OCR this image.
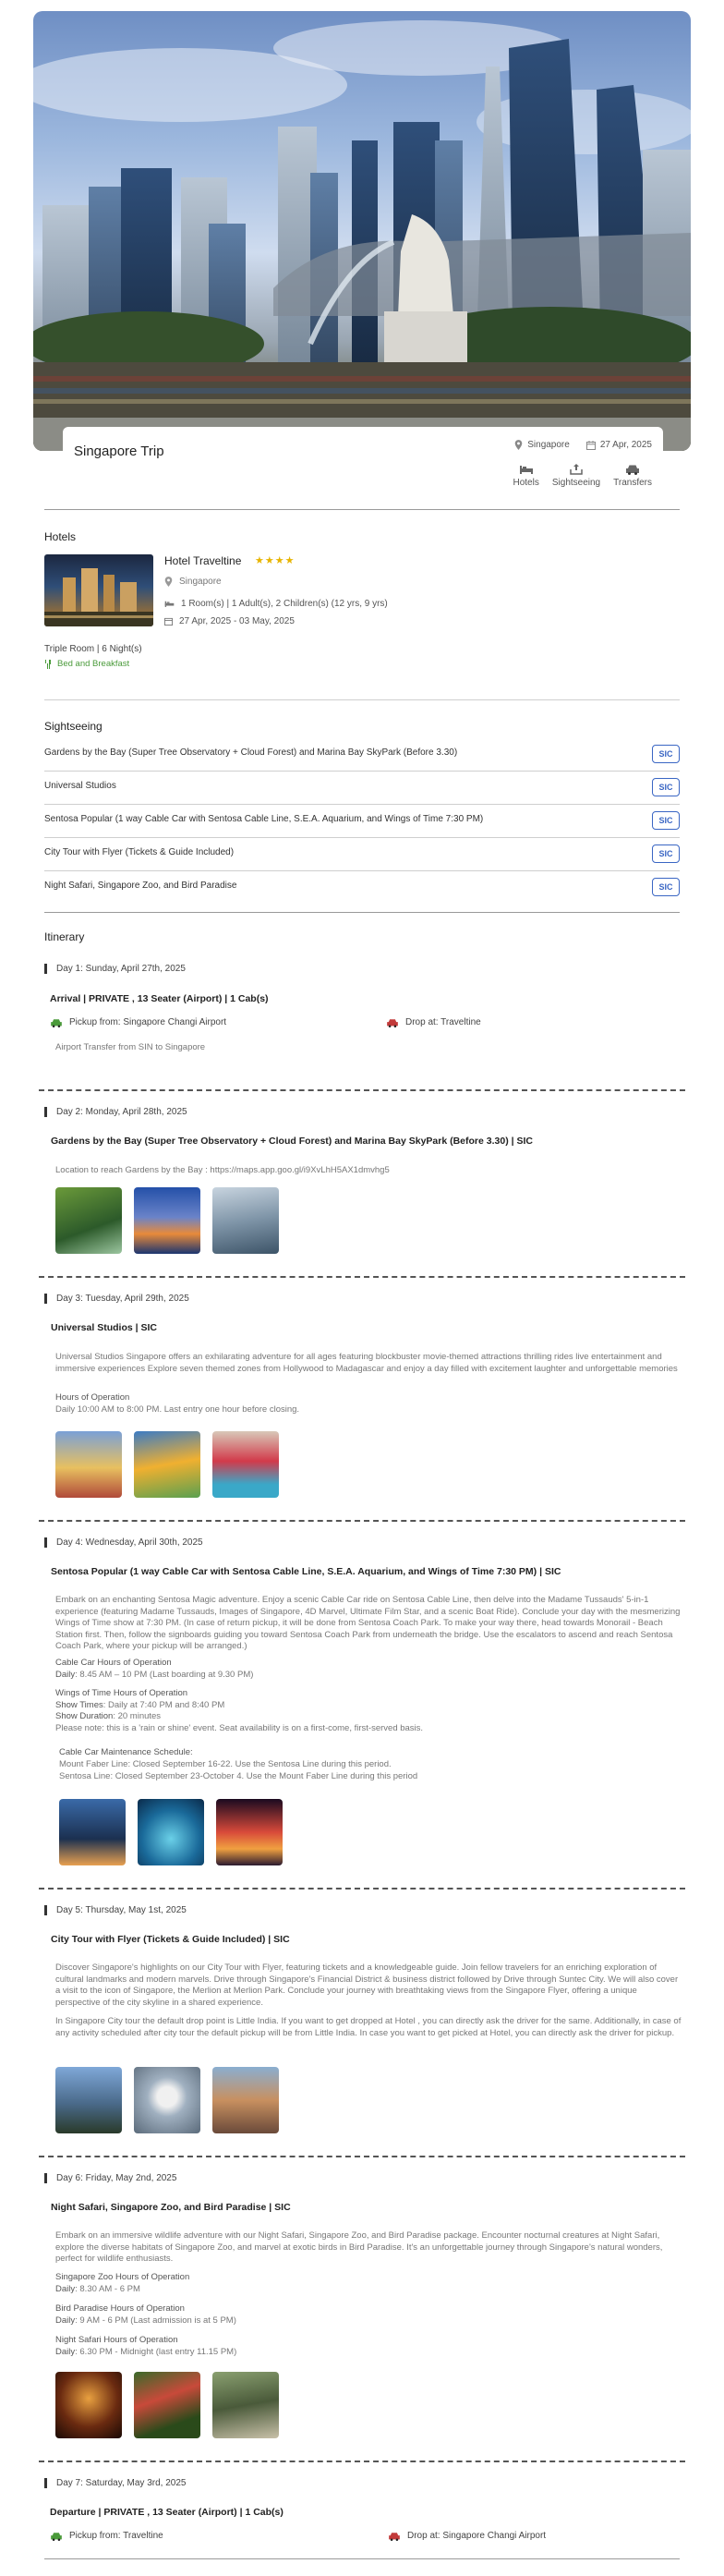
Singapore Trip	Singapore	27 Apr, 2025
Hotels Sightseeing Transfers
Hotels
Hotel Traveltine ★★★★
Singapore
1 Room(s) | 1 Adult(s), 2 Children(s) (12 yrs, 9 yrs)
27 Apr, 2025 - 03 May, 2025
Triple Room | 6 Night(s)
Bed and Breakfast
Sightseeing
Gardens by the Bay (Super Tree Observatory + Cloud Forest) and Marina Bay SkyPark (Before 3.30)	SIC
Universal Studios	SIC
Sentosa Popular (1 way Cable Car with Sentosa Cable Line, S.E.A. Aquarium, and Wings of Time 7:30 PM)	SIC
City Tour with Flyer (Tickets & Guide Included)	SIC
Night Safari, Singapore Zoo, and Bird Paradise	SIC
Itinerary
Day 1: Sunday, April 27th, 2025
Arrival | PRIVATE , 13 Seater (Airport) | 1 Cab(s)
Pickup from: Singapore Changi Airport	Drop at: Traveltine
Airport Transfer from SIN to Singapore
Day 2: Monday, April 28th, 2025
Gardens by the Bay (Super Tree Observatory + Cloud Forest) and Marina Bay SkyPark (Before 3.30) | SIC
Location to reach Gardens by the Bay : https://maps.app.goo.gl/i9XvLhH5AX1dmvhg5
Day 3: Tuesday, April 29th, 2025
Universal Studios | SIC
Universal Studios Singapore offers an exhilarating adventure for all ages featuring blockbuster movie-themed attractions thrilling rides live entertainment and immersive experiences Explore seven themed zones from Hollywood to Madagascar and enjoy a day filled with excitement laughter and unforgettable memories
Hours of Operation
Daily 10:00 AM to 8:00 PM. Last entry one hour before closing.
Day 4: Wednesday, April 30th, 2025
Sentosa Popular (1 way Cable Car with Sentosa Cable Line, S.E.A. Aquarium, and Wings of Time 7:30 PM) | SIC
Embark on an enchanting Sentosa Magic adventure. Enjoy a scenic Cable Car ride on Sentosa Cable Line, then delve into the Madame Tussauds' 5-in-1 experience (featuring Madame Tussauds, Images of Singapore, 4D Marvel, Ultimate Film Star, and a scenic Boat Ride). Conclude your day with the mesmerizing Wings of Time show at 7:30 PM. (In case of return pickup, it will be done from Sentosa Coach Park. To make your way there, head towards Monorail - Beach Station first. Then, follow the signboards guiding you toward Sentosa Coach Park from underneath the bridge. Use the escalators to ascend and reach Sentosa Coach Park, where your pickup will be arranged.)
Cable Car Hours of Operation
Daily: 8.45 AM – 10 PM (Last boarding at 9.30 PM)
Wings of Time Hours of Operation
Show Times: Daily at 7:40 PM and 8:40 PM
Show Duration: 20 minutes
Please note: this is a 'rain or shine' event. Seat availability is on a first-come, first-served basis.
Cable Car Maintenance Schedule:
Mount Faber Line: Closed September 16-22. Use the Sentosa Line during this period.
Sentosa Line: Closed September 23-October 4. Use the Mount Faber Line during this period
Day 5: Thursday, May 1st, 2025
City Tour with Flyer (Tickets & Guide Included) | SIC
Discover Singapore's highlights on our City Tour with Flyer, featuring tickets and a knowledgeable guide. Join fellow travelers for an enriching exploration of cultural landmarks and modern marvels. Drive through Singapore's Financial District & business district followed by Drive through Suntec City. We will also cover a visit to the icon of Singapore, the Merlion at Merlion Park. Conclude your journey with breathtaking views from the Singapore Flyer, offering a unique perspective of the city skyline in a shared experience.
In Singapore City tour the default drop point is Little India. If you want to get dropped at Hotel , you can directly ask the driver for the same. Additionally, in case of any activity scheduled after city tour the default pickup will be from Little India. In case you want to get picked at Hotel, you can directly ask the driver for pickup.
Day 6: Friday, May 2nd, 2025
Night Safari, Singapore Zoo, and Bird Paradise | SIC
Embark on an immersive wildlife adventure with our Night Safari, Singapore Zoo, and Bird Paradise package. Encounter nocturnal creatures at Night Safari, explore the diverse habitats of Singapore Zoo, and marvel at exotic birds in Bird Paradise. It's an unforgettable journey through Singapore's natural wonders, perfect for wildlife enthusiasts.
Singapore Zoo Hours of Operation
Daily: 8.30 AM - 6 PM
Bird Paradise Hours of Operation
Daily: 9 AM - 6 PM (Last admission is at 5 PM)
Night Safari Hours of Operation
Daily: 6.30 PM - Midnight (last entry 11.15 PM)
Day 7: Saturday, May 3rd, 2025
Departure | PRIVATE , 13 Seater (Airport) | 1 Cab(s)
Pickup from: Traveltine	Drop at: Singapore Changi Airport
